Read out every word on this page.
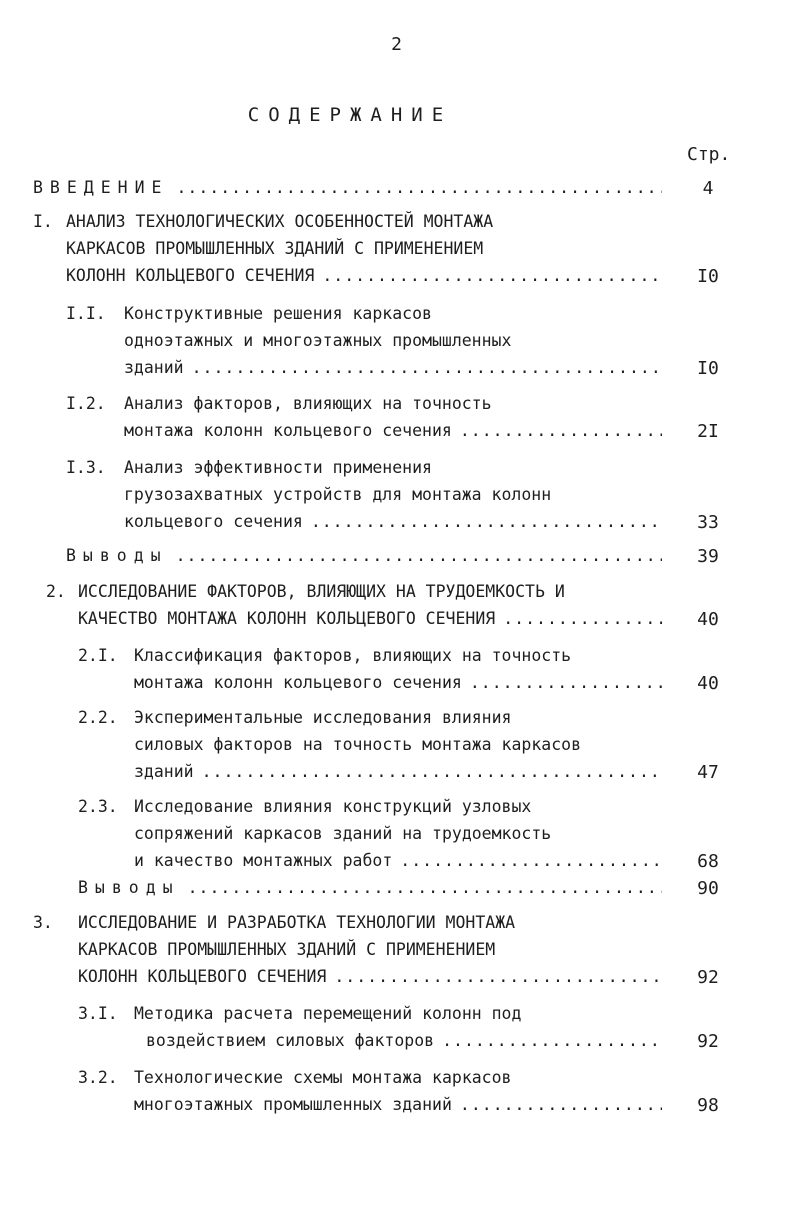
2
СОДЕРЖАНИЕ
Стр.
ВВЕДЕНИЕ .....	4
I. АНАЛИЗ ТЕХНОЛОГИЧЕСКИХ ОСОБЕННОСТЕЙ МОНТАЖА
КАРКАСОВ ПРОМЫШЛЕННЫХ ЗДАНИЙ С ПРИМЕНЕНИЕМ
КОЛОНН КОЛЬЦЕВОГО СЕЧЕНИЯ .....	I0
I.I. Конструктивные решения каркасов
одноэтажных и многоэтажных промышленных
зданий .....	I0
I.2. Анализ факторов, влияющих на точность
монтажа колонн кольцевого сечения .....	2I
I.3. Анализ эффективности применения
грузозахватных устройств для монтажа колонн
кольцевого сечения .....	33
Выводы .....	39
2. ИССЛЕДОВАНИЕ ФАКТОРОВ, ВЛИЯЮЩИХ НА ТРУДОЕМКОСТЬ И
КАЧЕСТВО МОНТАЖА КОЛОНН КОЛЬЦЕВОГО СЕЧЕНИЯ .....	40
2.I. Классификация факторов, влияющих на точность
монтажа колонн кольцевого сечения .....	40
2.2. Экспериментальные исследования влияния
силовых факторов на точность монтажа каркасов
зданий .....	47
2.3. Исследование влияния конструкций узловых
сопряжений каркасов зданий на трудоемкость
и качество монтажных работ .....	68
Выводы .....	90
3. ИССЛЕДОВАНИЕ И РАЗРАБОТКА ТЕХНОЛОГИИ МОНТАЖА
КАРКАСОВ ПРОМЫШЛЕННЫХ ЗДАНИЙ С ПРИМЕНЕНИЕМ
КОЛОНН КОЛЬЦЕВОГО СЕЧЕНИЯ .....	92
3.I. Методика расчета перемещений колонн под
воздействием силовых факторов .....	92
3.2. Технологические схемы монтажа каркасов
многоэтажных промышленных зданий .....	98
